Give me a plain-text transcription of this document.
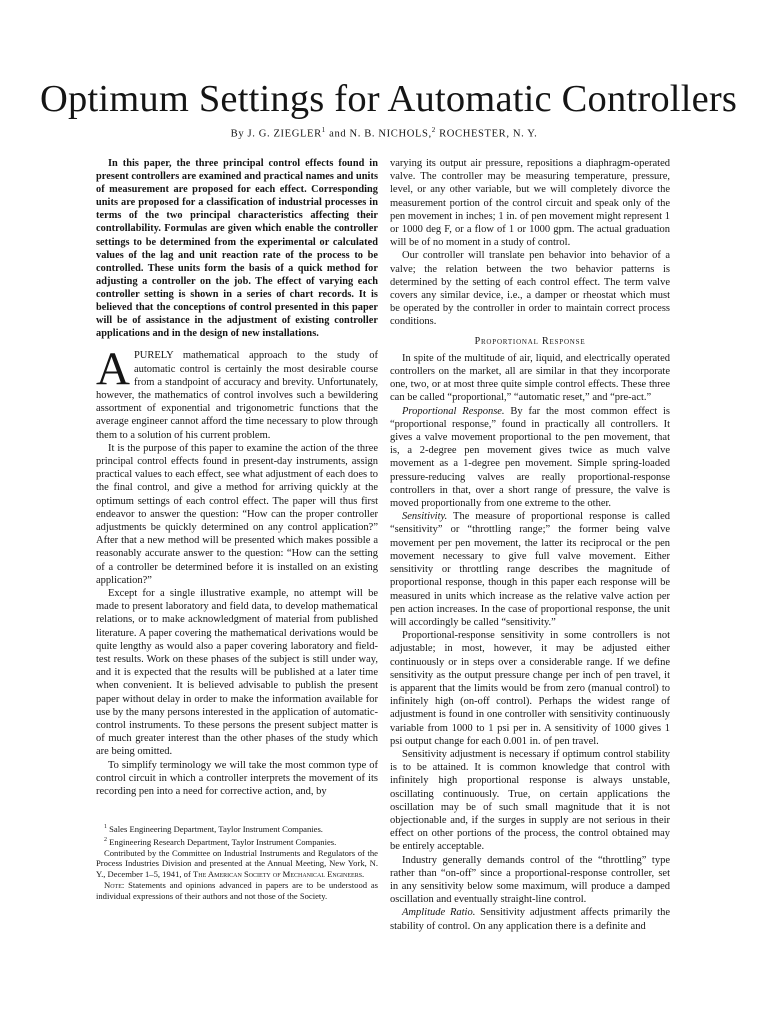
Optimum Settings for Automatic Controllers

By J. G. ZIEGLER$^1$ and N. B. NICHOLS,$^2$ ROCHESTER, N. Y.

In this paper, the three principal control effects found in present controllers are examined and practical names and units of measurement are proposed for each effect. Corresponding units are proposed for a classification of industrial processes in terms of the two principal characteristics affecting their controllability. Formulas are given which enable the controller settings to be determined from the experimental or calculated values of the lag and unit reaction rate of the process to be controlled. These units form the basis of a quick method for adjusting a controller on the job. The effect of varying each controller setting is shown in a series of chart records. It is believed that the conceptions of control presented in this paper will be of assistance in the adjustment of existing controller applications and in the design of new installations.

A PURELY mathematical approach to the study of automatic control is certainly the most desirable course from a standpoint of accuracy and brevity. Unfortunately, however, the mathematics of control involves such a bewildering assortment of exponential and trigonometric functions that the average engineer cannot afford the time necessary to plow through them to a solution of his current problem.

It is the purpose of this paper to examine the action of the three principal control effects found in present-day instruments, assign practical values to each effect, see what adjustment of each does to the final control, and give a method for arriving quickly at the optimum settings of each control effect. The paper will thus first endeavor to answer the question: “How can the proper controller adjustments be quickly determined on any control application?” After that a new method will be presented which makes possible a reasonably accurate answer to the question: “How can the setting of a controller be determined before it is installed on an existing application?”

Except for a single illustrative example, no attempt will be made to present laboratory and field data, to develop mathematical relations, or to make acknowledgment of material from published literature. A paper covering the mathematical derivations would be quite lengthy as would also a paper covering laboratory and field-test results. Work on these phases of the subject is still under way, and it is expected that the results will be published at a later time when convenient. It is believed advisable to publish the present paper without delay in order to make the information available for use by the many persons interested in the application of automatic-control instruments. To these persons the present subject matter is of much greater interest than the other phases of the study which are being omitted.

To simplify terminology we will take the most common type of control circuit in which a controller interprets the movement of its recording pen into a need for corrective action, and, by

$^1$ Sales Engineering Department, Taylor Instrument Companies.

$^2$ Engineering Research Department, Taylor Instrument Companies.

Contributed by the Committee on Industrial Instruments and Regulators of the Process Industries Division and presented at the Annual Meeting, New York, N. Y., December 1–5, 1941, of The American Society of Mechanical Engineers.

Note: Statements and opinions advanced in papers are to be understood as individual expressions of their authors and not those of the Society.

varying its output air pressure, repositions a diaphragm-operated valve. The controller may be measuring temperature, pressure, level, or any other variable, but we will completely divorce the measurement portion of the control circuit and speak only of the pen movement in inches; 1 in. of pen movement might represent 1 or 1000 deg F, or a flow of 1 or 1000 gpm. The actual graduation will be of no moment in a study of control.

Our controller will translate pen behavior into behavior of a valve; the relation between the two behavior patterns is determined by the setting of each control effect. The term valve covers any similar device, i.e., a damper or rheostat which must be operated by the controller in order to maintain correct process conditions.

Proportional Response

In spite of the multitude of air, liquid, and electrically operated controllers on the market, all are similar in that they incorporate one, two, or at most three quite simple control effects. These three can be called “proportional,” “automatic reset,” and “pre-act.”

Proportional Response. By far the most common effect is “proportional response,” found in practically all controllers. It gives a valve movement proportional to the pen movement, that is, a 2-degree pen movement gives twice as much valve movement as a 1-degree pen movement. Simple spring-loaded pressure-reducing valves are really proportional-response controllers in that, over a short range of pressure, the valve is moved proportionally from one extreme to the other.

Sensitivity. The measure of proportional response is called “sensitivity” or “throttling range;” the former being valve movement per pen movement, the latter its reciprocal or the pen movement necessary to give full valve movement. Either sensitivity or throttling range describes the magnitude of proportional response, though in this paper each response will be measured in units which increase as the relative valve action per pen action increases. In the case of proportional response, the unit will accordingly be called “sensitivity.”

Proportional-response sensitivity in some controllers is not adjustable; in most, however, it may be adjusted either continuously or in steps over a considerable range. If we define sensitivity as the output pressure change per inch of pen travel, it is apparent that the limits would be from zero (manual control) to infinitely high (on-off control). Perhaps the widest range of adjustment is found in one controller with sensitivity continuously variable from 1000 to 1 psi per in. A sensitivity of 1000 gives 1 psi output change for each 0.001 in. of pen travel.

Sensitivity adjustment is necessary if optimum control stability is to be attained. It is common knowledge that control with infinitely high proportional response is always unstable, oscillating continuously. True, on certain applications the oscillation may be of such small magnitude that it is not objectionable and, if the surges in supply are not serious in their effect on other portions of the process, the control obtained may be entirely acceptable.

Industry generally demands control of the “throttling” type rather than “on-off” since a proportional-response controller, set in any sensitivity below some maximum, will produce a damped oscillation and eventually straight-line control.

Amplitude Ratio. Sensitivity adjustment affects primarily the stability of control. On any application there is a definite and
